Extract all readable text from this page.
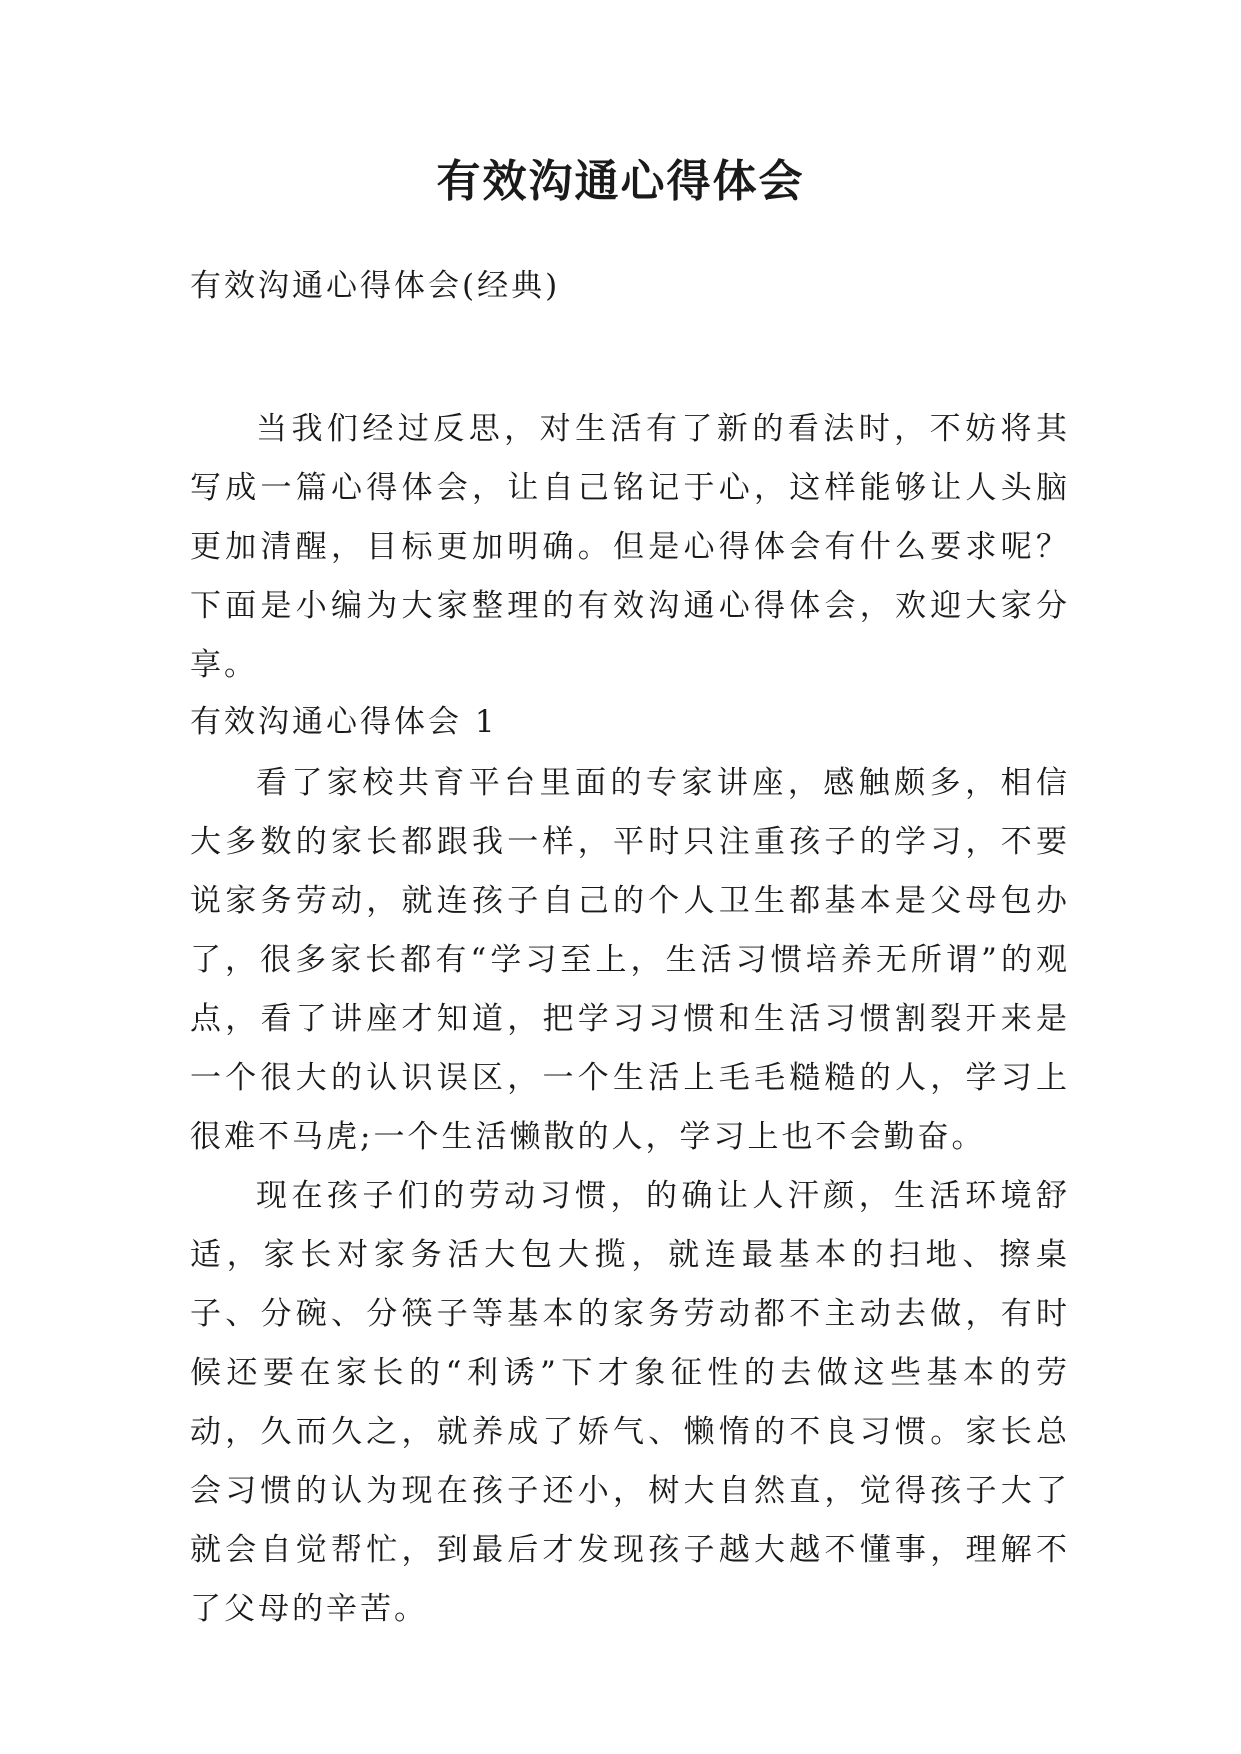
有效沟通心得体会

有效沟通心得体会(经典)

当我们经过反思，对生活有了新的看法时，不妨将其写成一篇心得体会，让自己铭记于心，这样能够让人头脑更加清醒，目标更加明确。但是心得体会有什么要求呢？下面是小编为大家整理的有效沟通心得体会，欢迎大家分享。

有效沟通心得体会 1

看了家校共育平台里面的专家讲座，感触颇多，相信大多数的家长都跟我一样，平时只注重孩子的学习，不要说家务劳动，就连孩子自己的个人卫生都基本是父母包办了，很多家长都有“学习至上，生活习惯培养无所谓”的观点，看了讲座才知道，把学习习惯和生活习惯割裂开来是一个很大的认识误区，一个生活上毛毛糙糙的人，学习上很难不马虎;一个生活懒散的人，学习上也不会勤奋。

现在孩子们的劳动习惯，的确让人汗颜，生活环境舒适，家长对家务活大包大揽，就连最基本的扫地、擦桌子、分碗、分筷子等基本的家务劳动都不主动去做，有时候还要在家长的“利诱”下才象征性的去做这些基本的劳动，久而久之，就养成了娇气、懒惰的不良习惯。家长总会习惯的认为现在孩子还小，树大自然直，觉得孩子大了就会自觉帮忙，到最后才发现孩子越大越不懂事，理解不了父母的辛苦。
